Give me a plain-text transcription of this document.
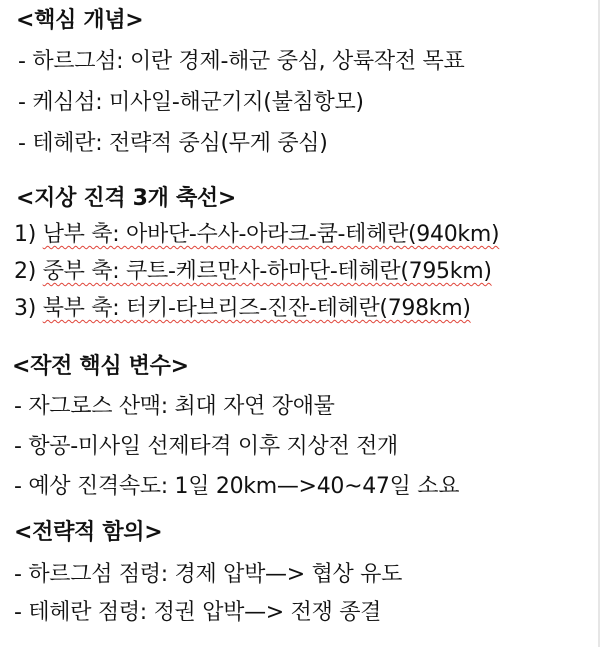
<핵심 개념>
- 하르그섬: 이란 경제-해군 중심, 상륙작전 목표
- 케심섬: 미사일-해군기지(불침항모)
- 테헤란: 전략적 중심(무게 중심)
<지상 진격 3개 축선>
1) 남부 축: 아바단-수사-아라크-쿰-테헤란(940km)
2) 중부 축: 쿠트-케르만사-하마단-테헤란(795km)
3) 북부 축: 터키-타브리즈-진잔-테헤란(798km)
<작전 핵심 변수>
- 자그로스 산맥: 최대 자연 장애물
- 항공-미사일 선제타격 이후 지상전 전개
- 예상 진격속도: 1일 20km—>40~47일 소요
<전략적 함의>
- 하르그섬 점령: 경제 압박—> 협상 유도
- 테헤란 점령: 정권 압박—> 전쟁 종결
